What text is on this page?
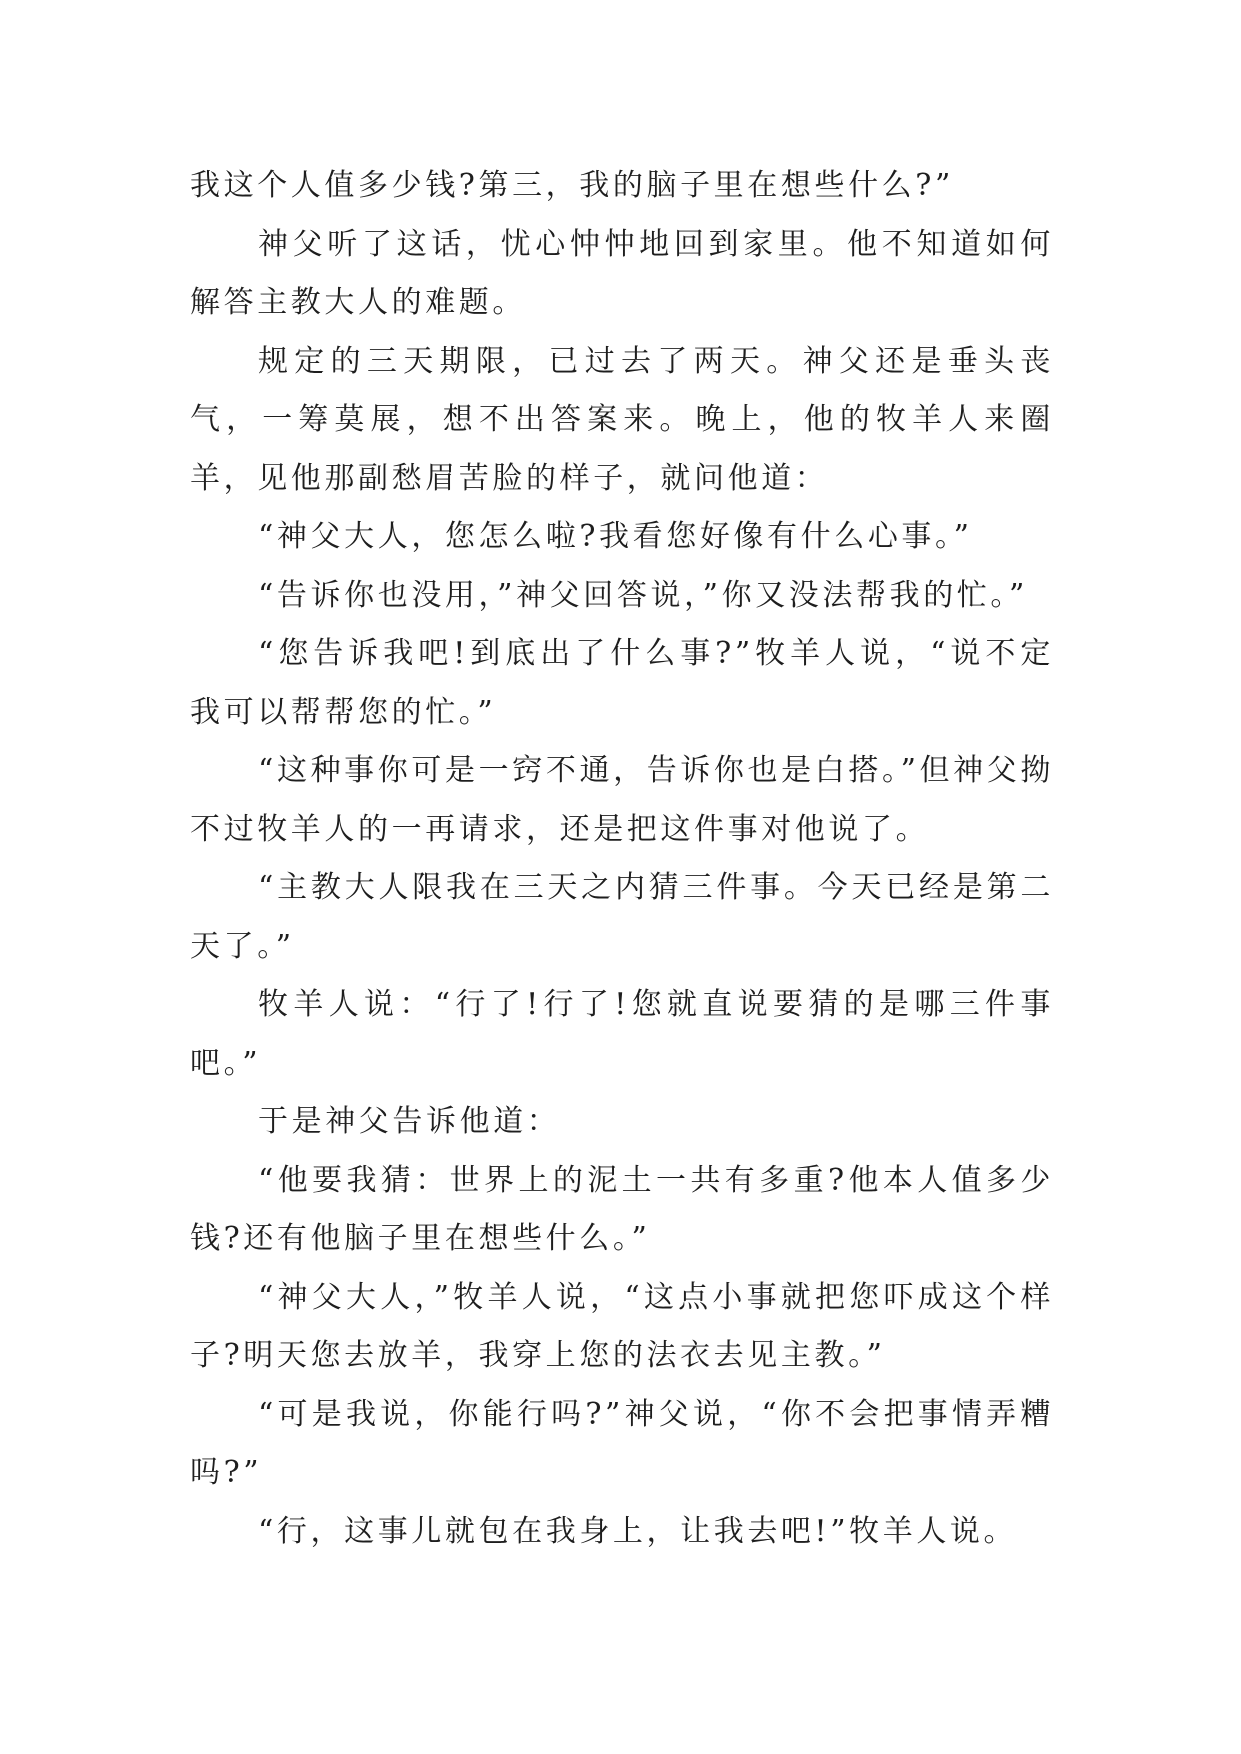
我这个人值多少钱?第三，我的脑子里在想些什么?”

神父听了这话，忧心忡忡地回到家里。他不知道如何解答主教大人的难题。

规定的三天期限，已过去了两天。神父还是垂头丧气，一筹莫展，想不出答案来。晚上，他的牧羊人来圈羊，见他那副愁眉苦脸的样子，就问他道：

“神父大人，您怎么啦?我看您好像有什么心事。”

“告诉你也没用，”神父回答说，”你又没法帮我的忙。”

“您告诉我吧!到底出了什么事?”牧羊人说，“说不定我可以帮帮您的忙。”

“这种事你可是一窍不通，告诉你也是白搭。”但神父拗不过牧羊人的一再请求，还是把这件事对他说了。

“主教大人限我在三天之内猜三件事。今天已经是第二天了。”

牧羊人说：“行了!行了!您就直说要猜的是哪三件事吧。”

于是神父告诉他道：

“他要我猜：世界上的泥土一共有多重?他本人值多少钱?还有他脑子里在想些什么。”

“神父大人，”牧羊人说，“这点小事就把您吓成这个样子?明天您去放羊，我穿上您的法衣去见主教。”

“可是我说，你能行吗?”神父说，“你不会把事情弄糟吗?”

“行，这事儿就包在我身上，让我去吧!”牧羊人说。
